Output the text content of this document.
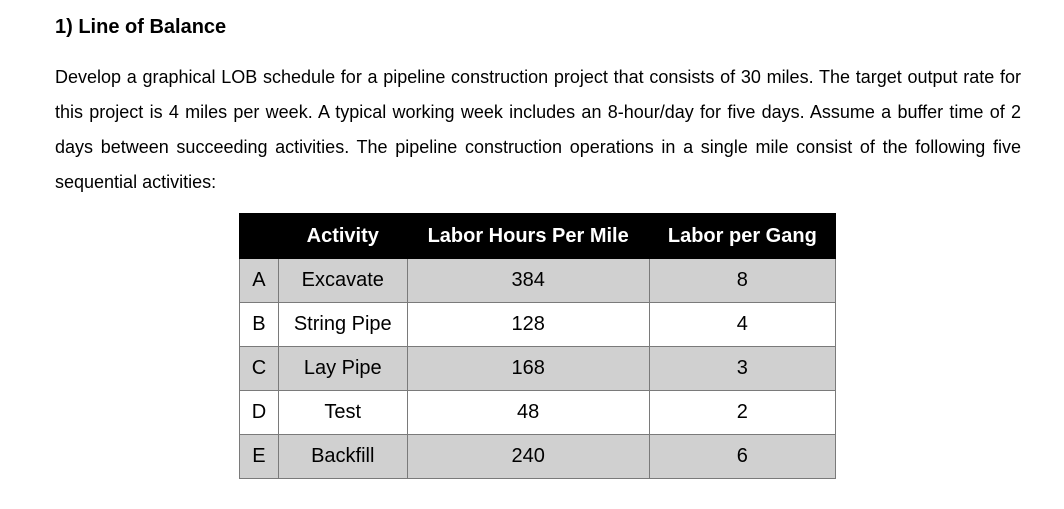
1) Line of Balance

Develop a graphical LOB schedule for a pipeline construction project that consists of 30 miles. The target output rate for this project is 4 miles per week. A typical working week includes an 8-hour/day for five days. Assume a buffer time of 2 days between succeeding activities. The pipeline construction operations in a single mile consist of the following five sequential activities:

	Activity	Labor Hours Per Mile	Labor per Gang
A	Excavate	384	8
B	String Pipe	128	4
C	Lay Pipe	168	3
D	Test	48	2
E	Backfill	240	6
